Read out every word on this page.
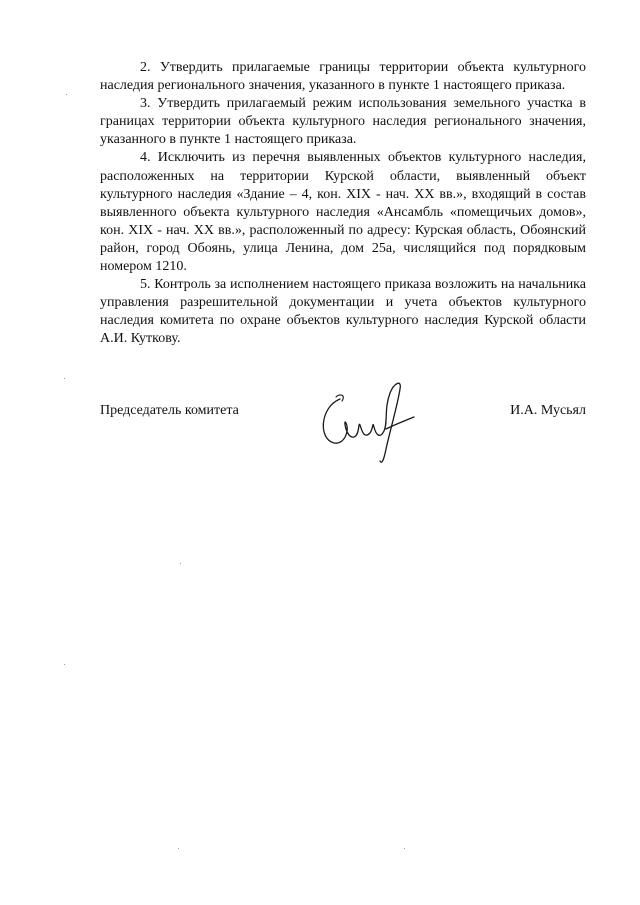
2. Утвердить прилагаемые границы территории объекта культурного наследия регионального значения, указанного в пункте 1 настоящего приказа.

3. Утвердить прилагаемый режим использования земельного участка в границах территории объекта культурного наследия регионального значения, указанного в пункте 1 настоящего приказа.

4. Исключить из перечня выявленных объектов культурного наследия, расположенных на территории Курской области, выявленный объект культурного наследия «Здание – 4, кон. XIX - нач. XX вв.», входящий в состав выявленного объекта культурного наследия «Ансамбль «помещичьих домов», кон. XIX - нач. XX вв.», расположенный по адресу: Курская область, Обоянский район, город Обоянь, улица Ленина, дом 25а, числящийся под порядковым номером 1210.

5. Контроль за исполнением настоящего приказа возложить на начальника управления разрешительной документации и учета объектов культурного наследия комитета по охране объектов культурного наследия Курской области А.И. Куткову.

Председатель комитета	И.А. Мусьял
